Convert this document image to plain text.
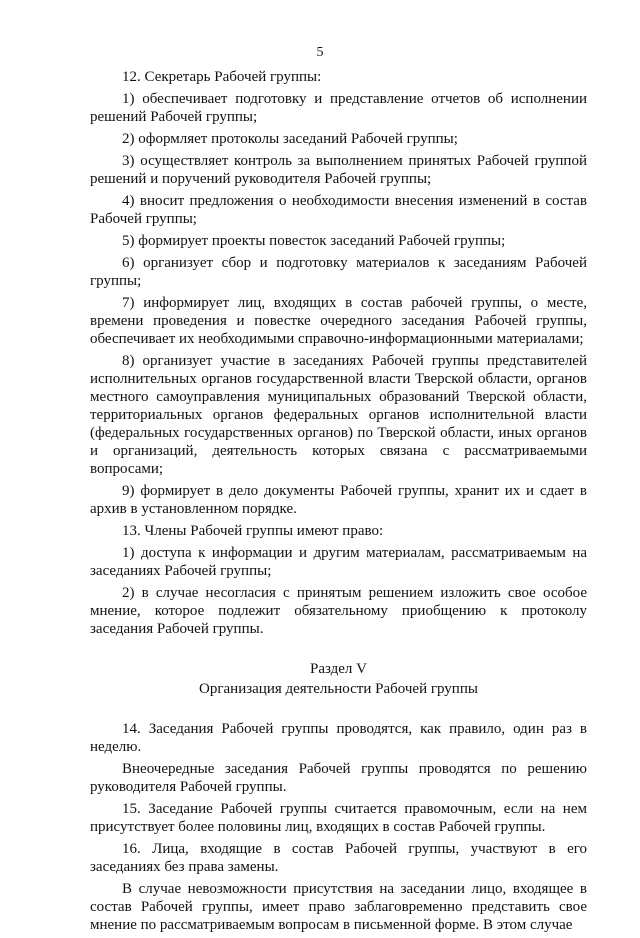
5

12. Секретарь Рабочей группы:

1) обеспечивает подготовку и представление отчетов об исполнении решений Рабочей группы;

2) оформляет протоколы заседаний Рабочей группы;

3) осуществляет контроль за выполнением принятых Рабочей группой решений и поручений руководителя Рабочей группы;

4) вносит предложения о необходимости внесения изменений в состав Рабочей группы;

5) формирует проекты повесток заседаний Рабочей группы;

6) организует сбор и подготовку материалов к заседаниям Рабочей группы;

7) информирует лиц, входящих в состав рабочей группы, о месте, времени проведения и повестке очередного заседания Рабочей группы, обеспечивает их необходимыми справочно-информационными материалами;

8) организует участие в заседаниях Рабочей группы представителей исполнительных органов государственной власти Тверской области, органов местного самоуправления муниципальных образований Тверской области, территориальных органов федеральных органов исполнительной власти (федеральных государственных органов) по Тверской области, иных органов и организаций, деятельность которых связана с рассматриваемыми вопросами;

9) формирует в дело документы Рабочей группы, хранит их и сдает в архив в установленном порядке.

13. Члены Рабочей группы имеют право:

1) доступа к информации и другим материалам, рассматриваемым на заседаниях Рабочей группы;

2) в случае несогласия с принятым решением изложить свое особое мнение, которое подлежит обязательному приобщению к протоколу заседания Рабочей группы.

Раздел V
Организация деятельности Рабочей группы

14. Заседания Рабочей группы проводятся, как правило, один раз в неделю.

Внеочередные заседания Рабочей группы проводятся по решению руководителя Рабочей группы.

15. Заседание Рабочей группы считается правомочным, если на нем присутствует более половины лиц, входящих в состав Рабочей группы.

16. Лица, входящие в состав Рабочей группы, участвуют в его заседаниях без права замены.

В случае невозможности присутствия на заседании лицо, входящее в состав Рабочей группы, имеет право заблаговременно представить свое мнение по рассматриваемым вопросам в письменной форме. В этом случае
